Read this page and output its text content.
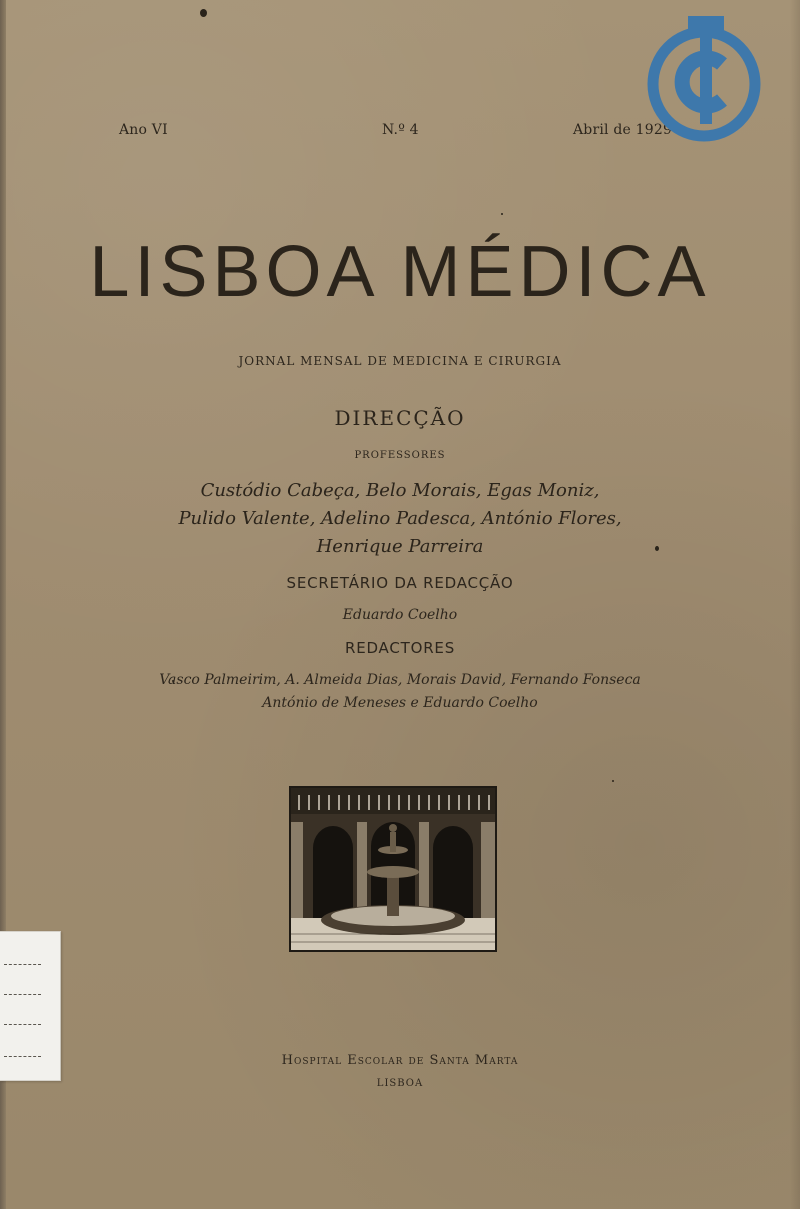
Ano VI	N.º 4	Abril de 1929
LISBOA MÉDICA
JORNAL MENSAL DE MEDICINA E CIRURGIA
DIRECÇÃO
PROFESSORES
Custódio Cabeça, Belo Morais, Egas Moniz,
Pulido Valente, Adelino Padesca, António Flores,
Henrique Parreira
SECRETÁRIO DA REDACÇÃO
Eduardo Coelho
REDACTORES
Vasco Palmeirim, A. Almeida Dias, Morais David, Fernando Fonseca
António de Meneses e Eduardo Coelho
Hospital Escolar de Santa Marta
LISBOA
